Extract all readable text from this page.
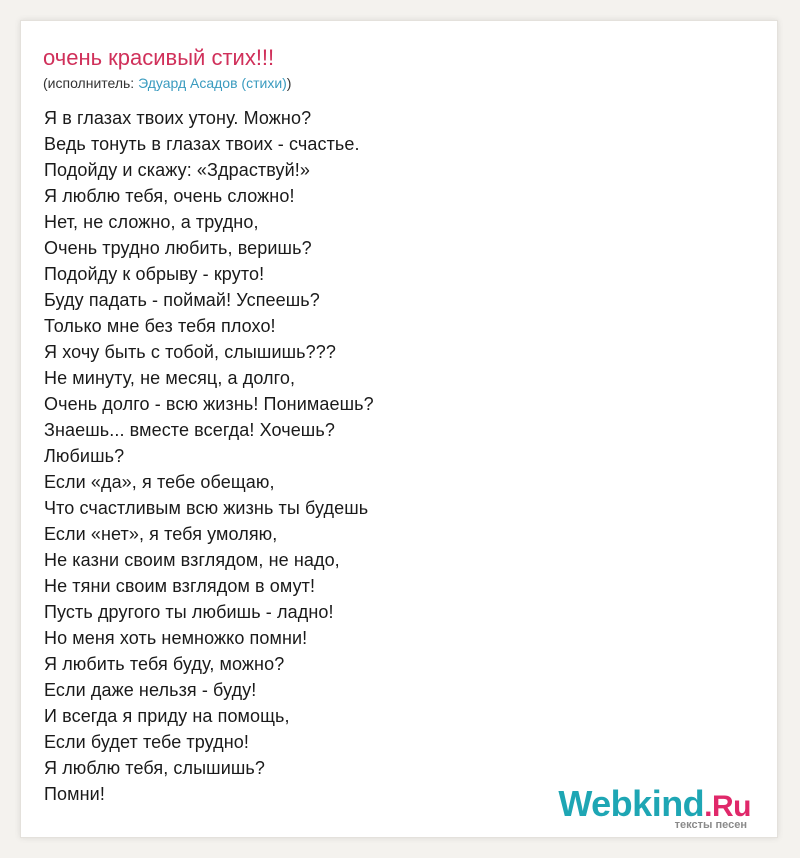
очень красивый стих!!!
(исполнитель: Эдуард Асадов (стихи))
Я в глазах твоих утону. Можно?
Ведь тонуть в глазах твоих - счастье.
Подойду и скажу: «Здраствуй!»
Я люблю тебя, очень сложно!
Нет, не сложно, а трудно,
Очень трудно любить, веришь?
Подойду к обрыву - круто!
Буду падать - поймай! Успеешь?
Только мне без тебя плохо!
Я хочу быть с тобой, слышишь???
Не минуту, не месяц, а долго,
Очень долго - всю жизнь! Понимаешь?
Знаешь... вместе всегда! Хочешь?
Любишь?
Если «да», я тебе обещаю,
Что счастливым всю жизнь ты будешь
Если «нет», я тебя умоляю,
Не казни своим взглядом, не надо,
Не тяни своим взглядом в омут!
Пусть другого ты любишь - ладно!
Но меня хоть немножко помни!
Я любить тебя буду, можно?
Если даже нельзя - буду!
И всегда я приду на помощь,
Если будет тебе трудно!
Я люблю тебя, слышишь?
Помни!	Webkind.Ru
тексты песен
